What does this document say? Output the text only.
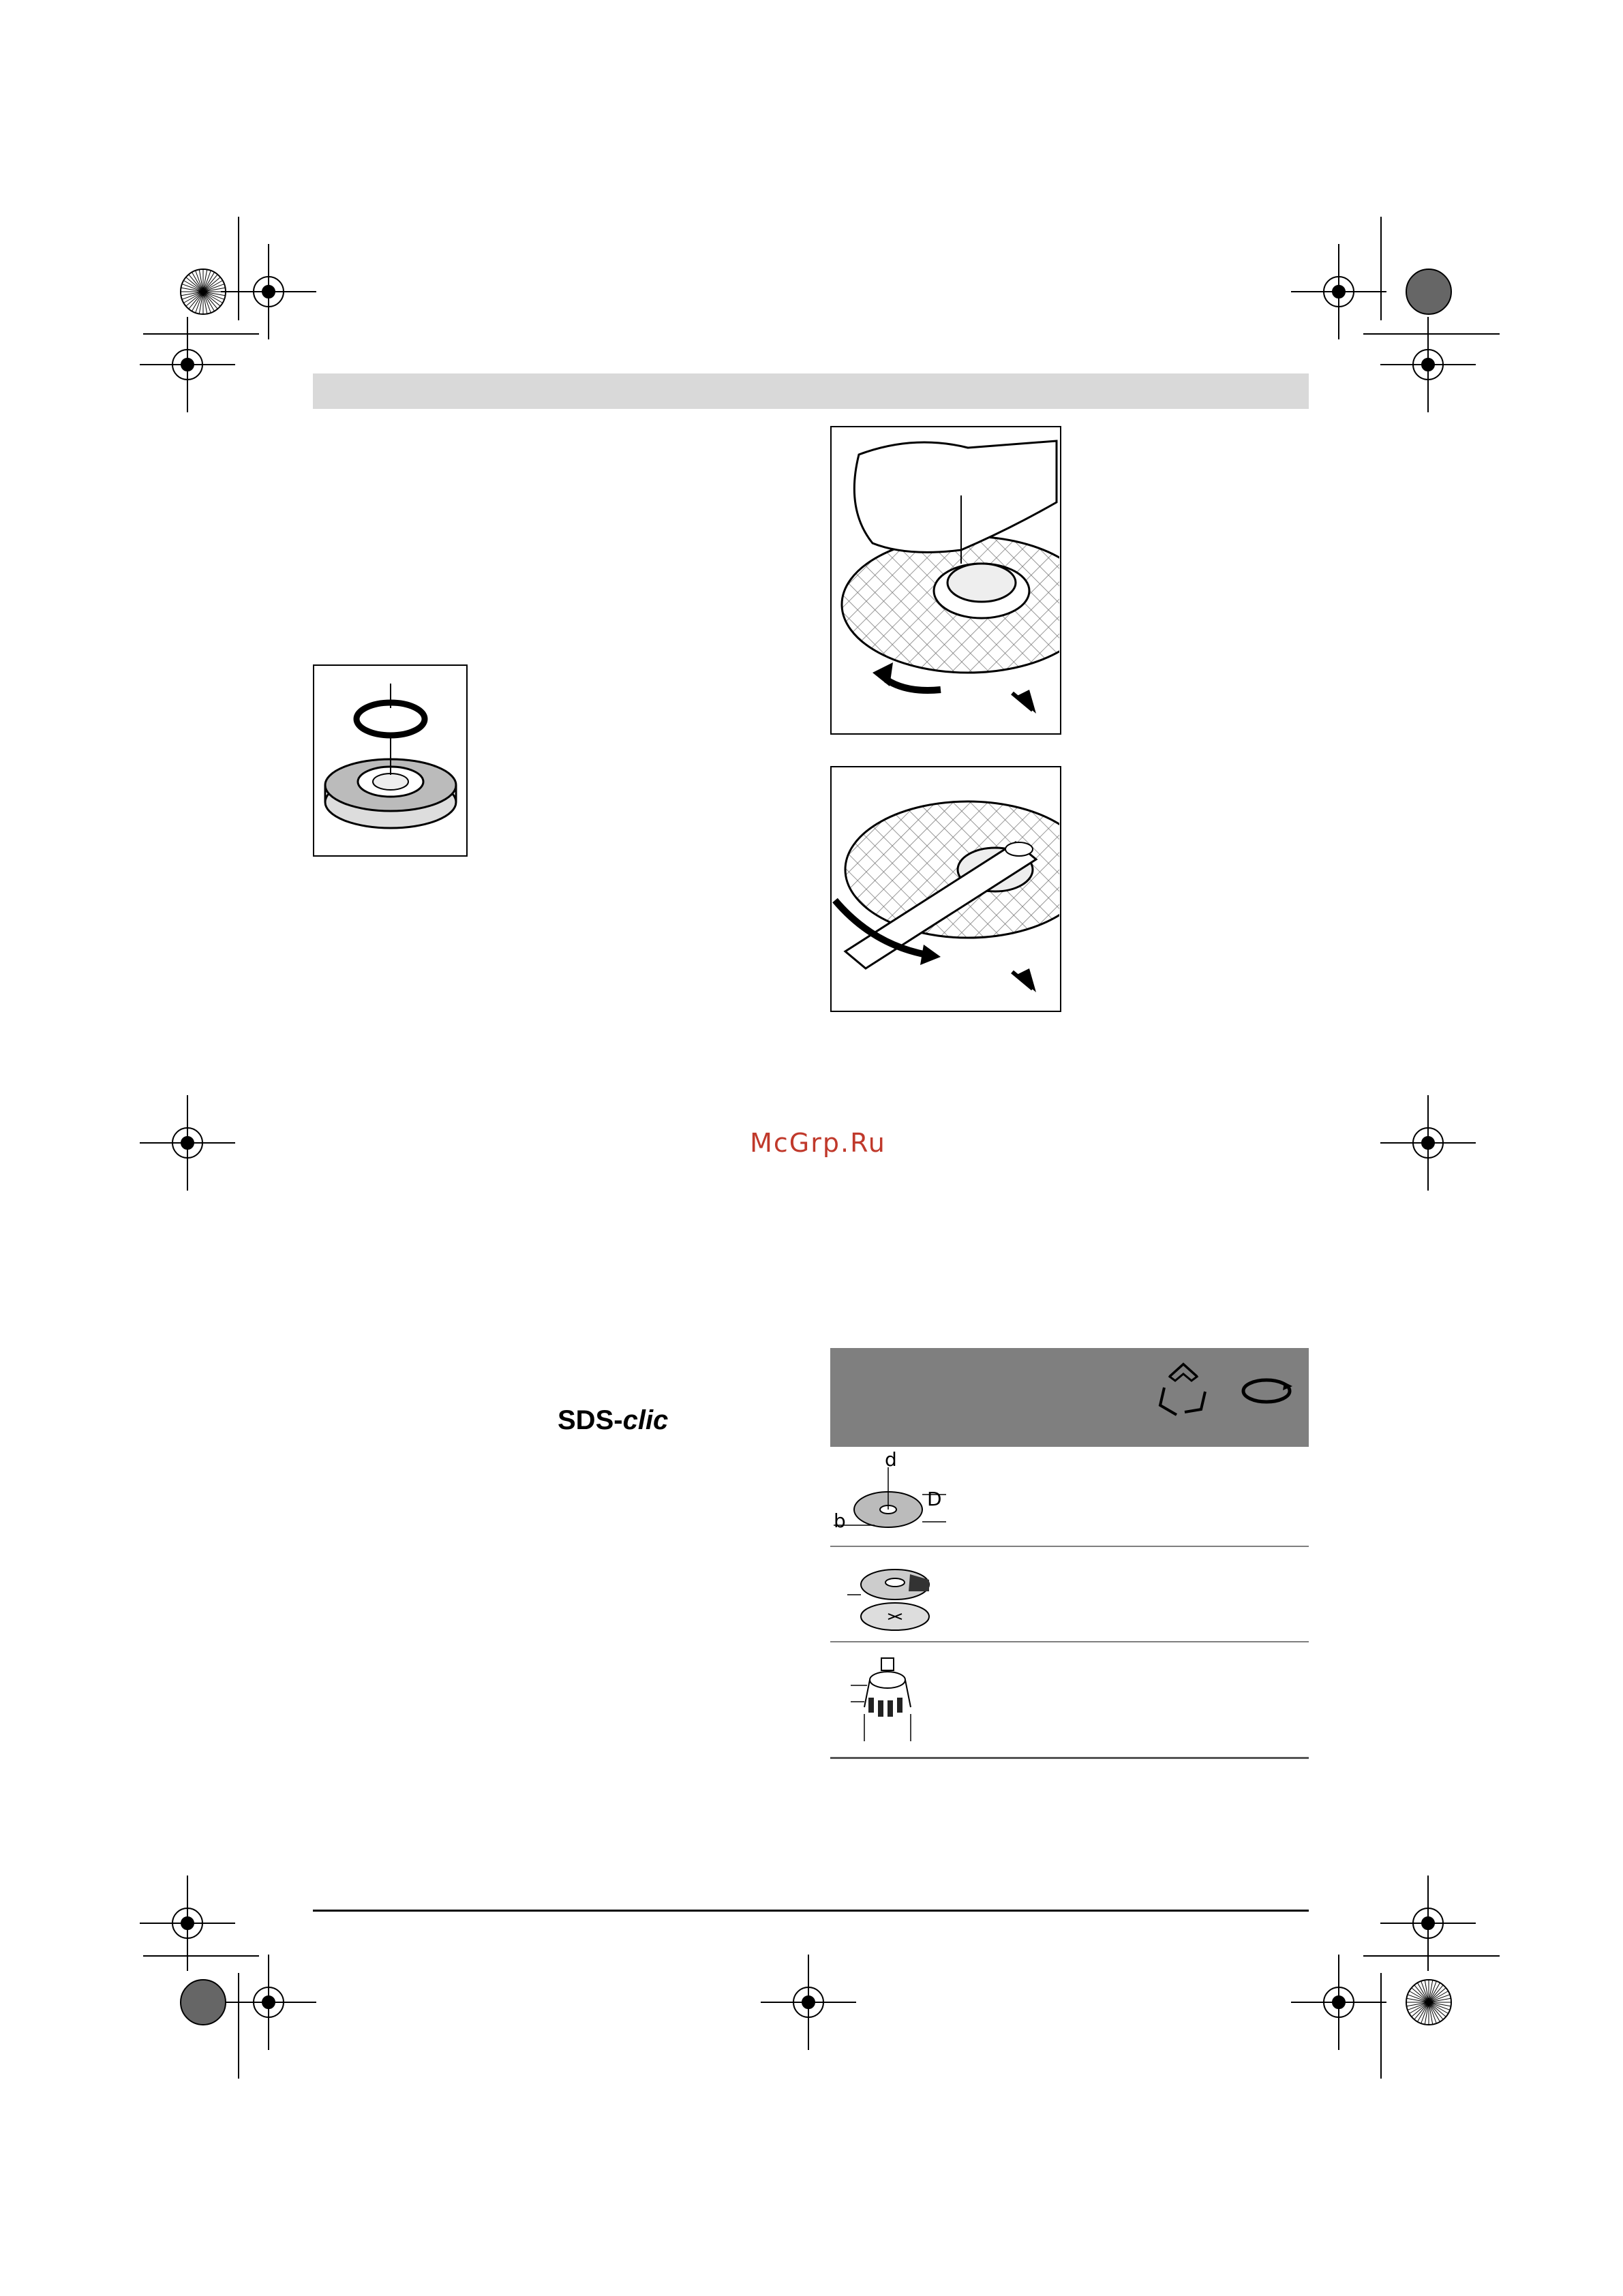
McGrp.Ru
SDS-clic
d
D
b
